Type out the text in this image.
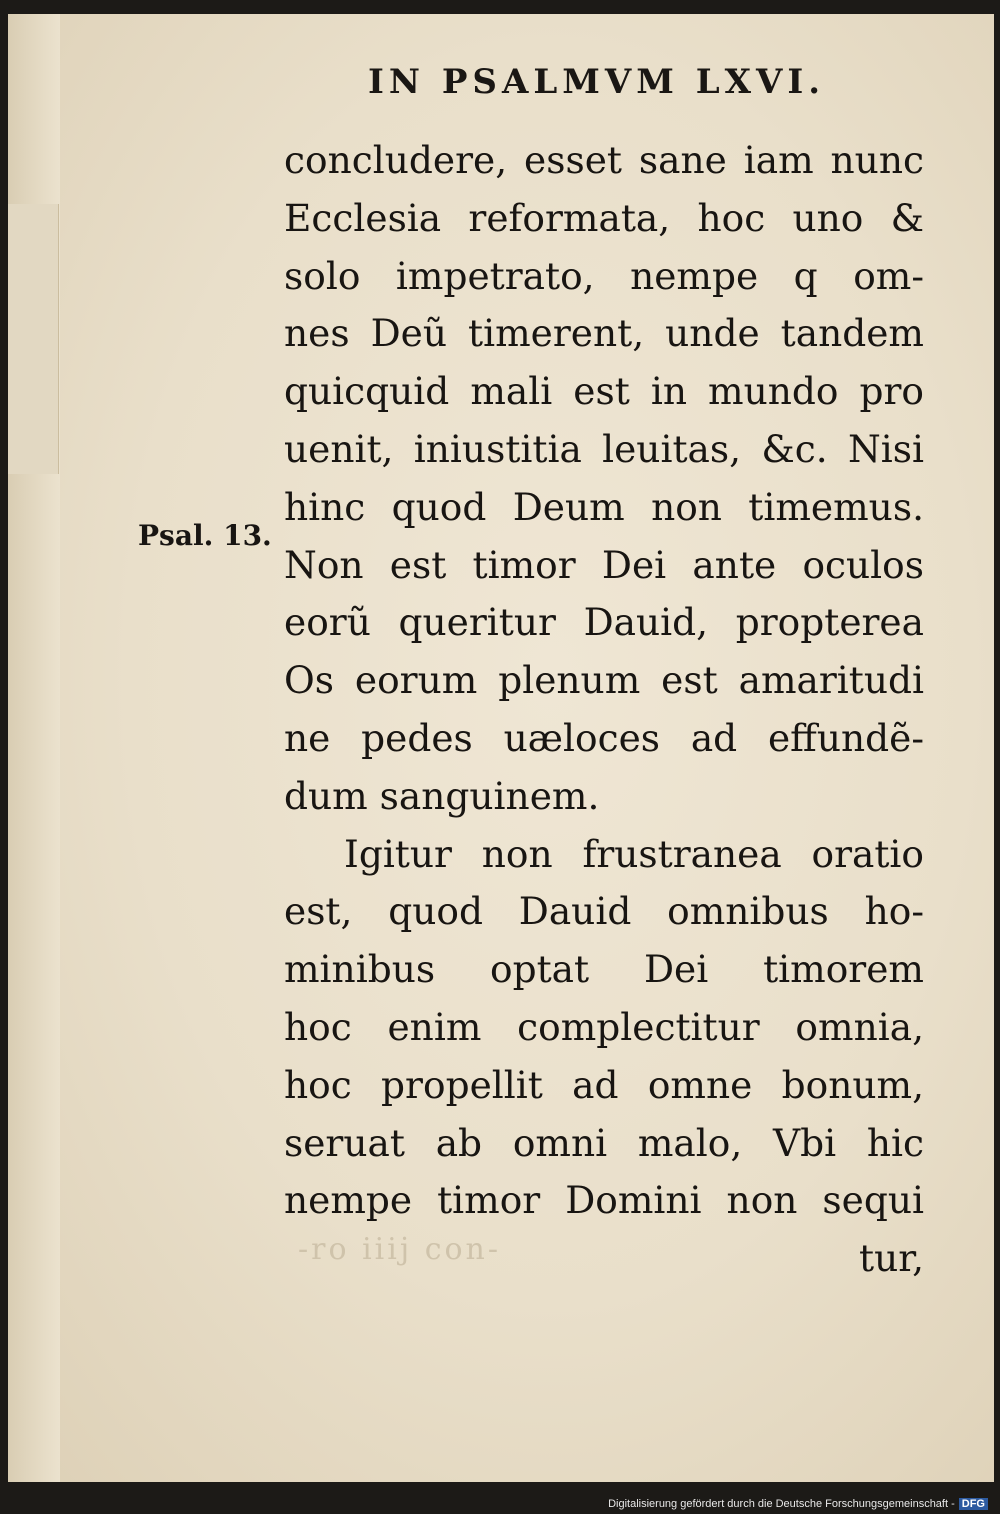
IN PSALMVM LXVI.
Psal. 13.
concludere, esset sane iam nunc
Ecclesia reformata, hoc uno &
solo impetrato, nempe q om-
nes Deũ timerent, unde tandem
quicquid mali est in mundo pro
uenit, iniustitia leuitas, &c. Nisi
hinc quod Deum non timemus.
Non est timor Dei ante oculos
eorũ queritur Dauid, propterea
Os eorum plenum est amaritudi
ne pedes uæloces ad effundẽ-
dum sanguinem.
Igitur non frustranea oratio
est, quod Dauid omnibus ho-
minibus optat Dei timorem
hoc enim complectitur omnia,
hoc propellit ad omne bonum,
seruat ab omni malo, Vbi hic
nempe timor Domini non sequi
tur,
-ro iiij con-
Digitalisierung gefördert durch die Deutsche Forschungsgemeinschaft - DFG
